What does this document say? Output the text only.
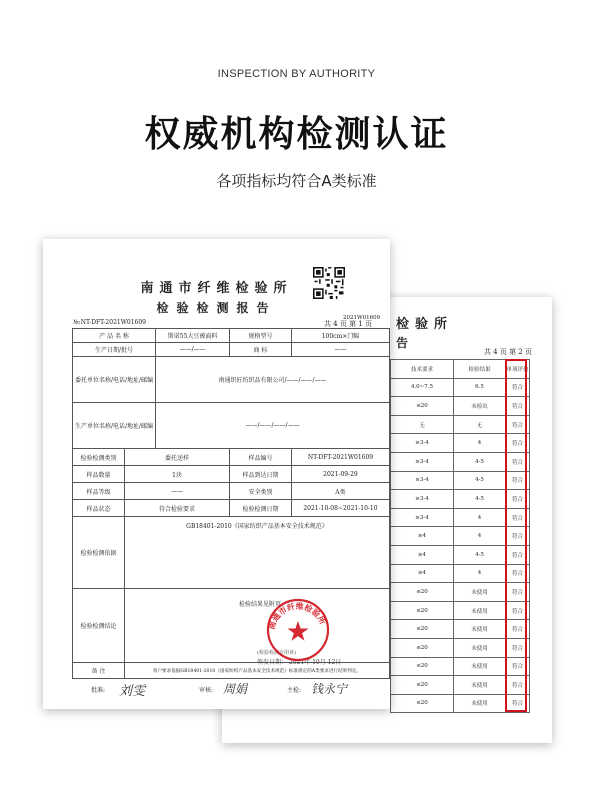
INSPECTION BY AUTHORITY
权威机构检测认证
各项指标均符合A类标准
检验所
告
共 4 页 第 2 页
技术要求	检验结果	单项评价
4.0~7.5	6.5	符合
≤20	未检出	符合
无	无	符合
≥3-4	4	符合
≥3-4	4-5	符合
≥3-4	4-5	符合
≥3-4	4-5	符合
≥3-4	4	符合
≥4	4	符合
≥4	4-5	符合
≥4	4	符合
≤20	未使用	符合
≤20	未使用	符合
≤20	未使用	符合
≤20	未使用	符合
≤20	未使用	符合
≤20	未使用	符合
≤20	未使用	符合
2021W01609
南通市纤维检验所
检验检测报告
№:NT-DFT-2021W01609	共 4 页 第 1 页
产 品 名 称		斯诺55大豆被面料	规格型号	100cm×门幅
生产日期/批号		——/——	商 标	——
委托单位名称/电话/地址/邮编		南通织匠纺织品有限公司/——/——/——		
生产单位名称/电话/地址/邮编		——/——/——/——		
检验检测类别	委托送样		样品编号	NT-DFT-2021W01609
样品数量	1块		样品到达日期	2021-09-29
样品等级	——		安全类别	A类
样品状态	符合检验要求		检验检测日期	2021-10-08~2021-10-10
检验检测依据	GB18401-2010《国家纺织产品基本安全技术规范》			
检验检测结论	检验结果见附页。			
备 注	客户要求依据GB18401-2010《国家纺织产品基本安全技术规范》标准规定的A类要求进行结果判定。			
(检验检测专用章)
签发日期： 2021年 10月 12日
南通市纤维检验所
批准: 刘雯	审核: 周娟	主检: 钱永宁
